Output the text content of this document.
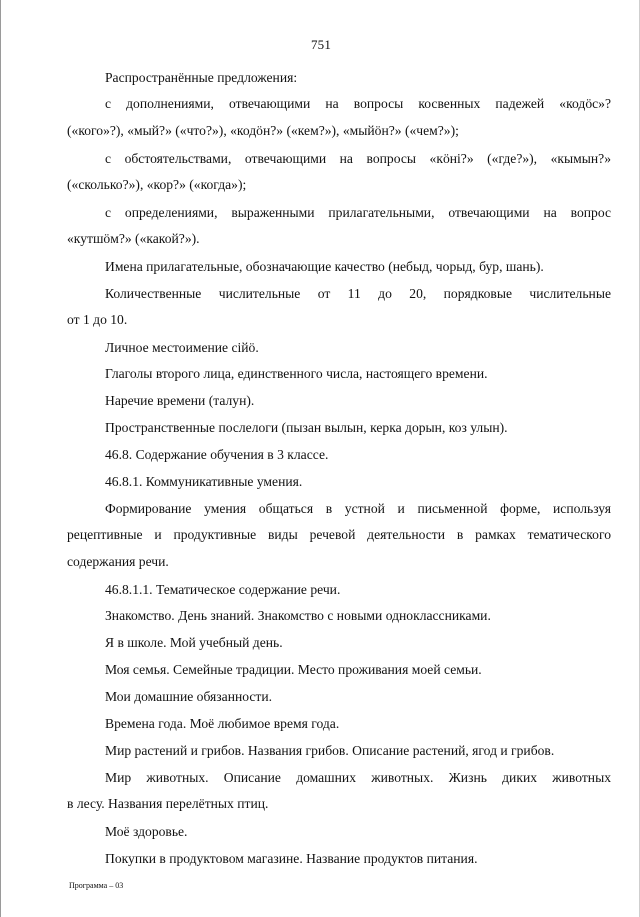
751
Распространённые предложения:
с дополнениями, отвечающими на вопросы косвенных падежей «кодӧс»?
(«кого»?), «мый?» («что?»), «кодӧн?» («кем?»), «мыйӧн?» («чем?»);
с обстоятельствами, отвечающими на вопросы «кӧнi?» («где?»), «кымын?»
(«сколько?»), «кор?» («когда»);
с определениями, выраженными прилагательными, отвечающими на вопрос
«кутшӧм?» («какой?»).
Имена прилагательные, обозначающие качество (небыд, чорыд, бур, шань).
Количественные числительные от 11 до 20, порядковые числительные
от 1 до 10.
Личное местоимение сiйӧ.
Глаголы второго лица, единственного числа, настоящего времени.
Наречие времени (талун).
Пространственные послелоги (пызан вылын, керка дорын, коз улын).
46.8. Содержание обучения в 3 классе.
46.8.1. Коммуникативные умения.
Формирование умения общаться в устной и письменной форме, используя
рецептивные и продуктивные виды речевой деятельности в рамках тематического
содержания речи.
46.8.1.1. Тематическое содержание речи.
Знакомство. День знаний. Знакомство с новыми одноклассниками.
Я в школе. Мой учебный день.
Моя семья. Семейные традиции. Место проживания моей семьи.
Мои домашние обязанности.
Времена года. Моё любимое время года.
Мир растений и грибов. Названия грибов. Описание растений, ягод и грибов.
Мир животных. Описание домашних животных. Жизнь диких животных
в лесу. Названия перелётных птиц.
Моё здоровье.
Покупки в продуктовом магазине. Название продуктов питания.
Программа – 03
